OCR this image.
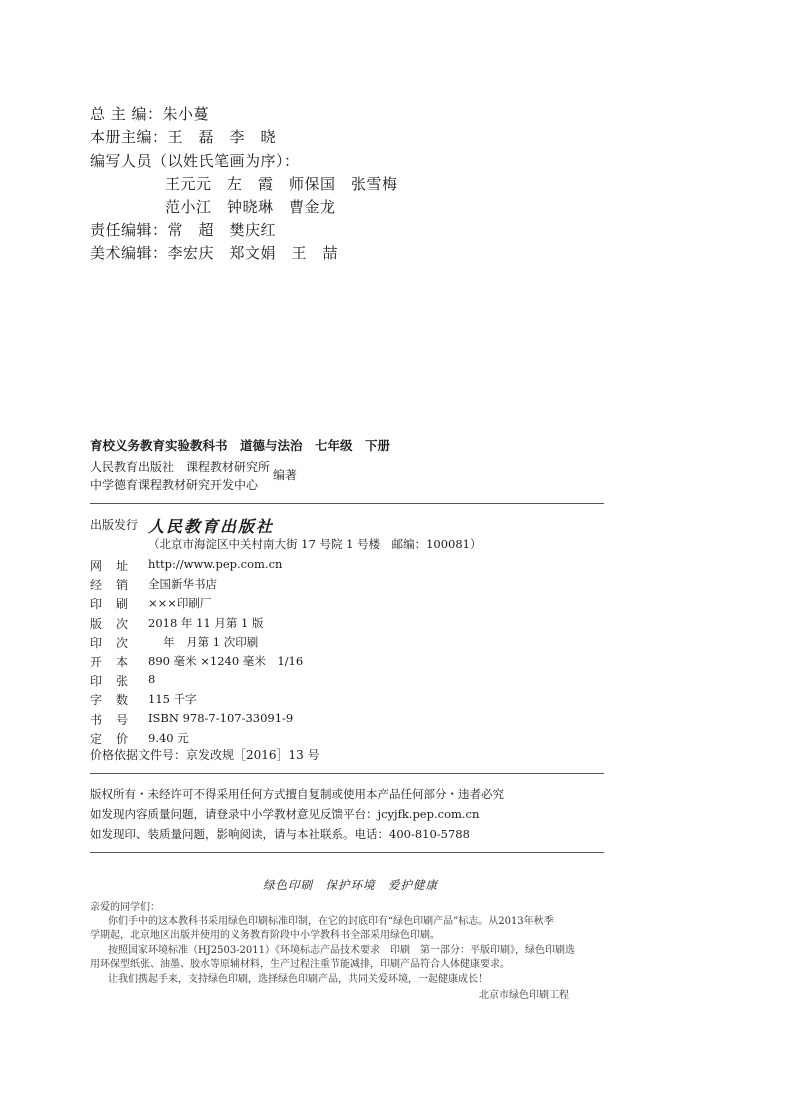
总 主 编：朱小蔓
本册主编：王　磊　李　晓
编写人员（以姓氏笔画为序）：
王元元　左　霞　师保国　张雪梅
范小江　钟晓琳　曹金龙
责任编辑：常　超　樊庆红
美术编辑：李宏庆　郑文娟　王　喆
育校义务教育实验教科书　道德与法治　七年级　下册
人民教育出版社　课程教材研究所
中学德育课程教材研究开发中心
编著
出版发行 人民教育出版社
（北京市海淀区中关村南大街 17 号院 1 号楼　邮编：100081）
网 址 http://www.pep.com.cn
经 销 全国新华书店
印 刷 ×××印刷厂
版 次 2018 年 11 月第 1 版
印 次 　 年　月第 1 次印刷
开 本 890 毫米 ×1240 毫米　1/16
印 张 8
字 数 115 千字
书 号 ISBN 978-7-107-33091-9
定 价 9.40 元
价格依据文件号：京发改规［2016］13 号
版权所有・未经许可不得采用任何方式擅自复制或使用本产品任何部分・违者必究
如发现内容质量问题，请登录中小学教材意见反馈平台：jcyjfk.pep.com.cn
如发现印、装质量问题，影响阅读，请与本社联系。电话：400-810-5788
绿色印刷　保护环境　爱护健康
亲爱的同学们：
你们手中的这本教科书采用绿色印刷标准印制，在它的封底印有“绿色印刷产品”标志。从2013年秋季
学期起，北京地区出版并使用的义务教育阶段中小学教科书全部采用绿色印刷。
按照国家环境标准（HJ2503-2011）《环境标志产品技术要求　印刷　第一部分：平版印刷》，绿色印刷选
用环保型纸张、油墨、胶水等原辅材料，生产过程注重节能减排，印刷产品符合人体健康要求。
让我们携起手来，支持绿色印刷，选择绿色印刷产品，共同关爱环境，一起健康成长！
北京市绿色印刷工程
